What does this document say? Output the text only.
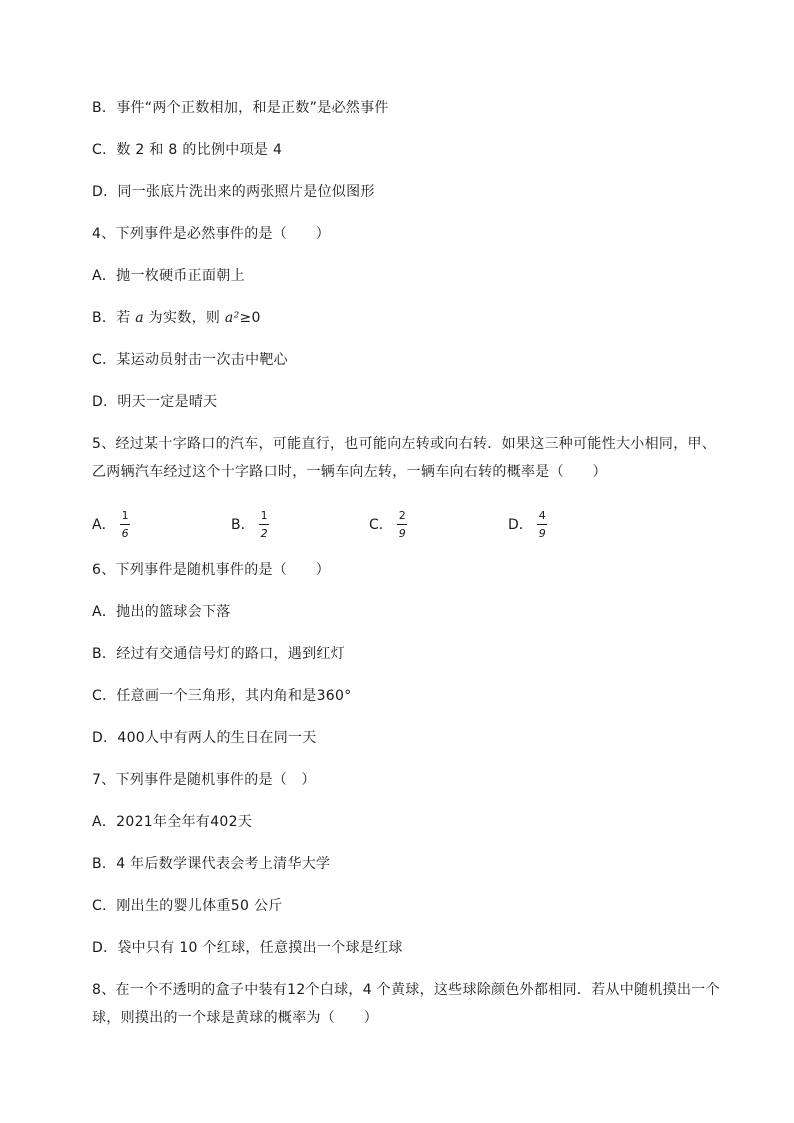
B．事件“两个正数相加，和是正数”是必然事件
C．数 2 和 8 的比例中项是 4
D．同一张底片洗出来的两张照片是位似图形
4、下列事件是必然事件的是（　　）
A．抛一枚硬币正面朝上
B．若 a 为实数，则 a²≥0
C．某运动员射击一次击中靶心
D．明天一定是晴天
5、经过某十字路口的汽车，可能直行，也可能向左转或向右转．如果这三种可能性大小相同，甲、
乙两辆汽车经过这个十字路口时，一辆车向左转，一辆车向右转的概率是（　　）
A． $\frac{1}{6}$	B． $\frac{1}{2}$	C． $\frac{2}{9}$	D． $\frac{4}{9}$
6、下列事件是随机事件的是（　　）
A．抛出的篮球会下落
B．经过有交通信号灯的路口，遇到红灯
C．任意画一个三角形，其内角和是360°
D．400人中有两人的生日在同一天
7、下列事件是随机事件的是（　）
A．2021年全年有402天
B．4 年后数学课代表会考上清华大学
C．刚出生的婴儿体重50 公斤
D．袋中只有 10 个红球，任意摸出一个球是红球
8、在一个不透明的盒子中装有12个白球，4 个黄球，这些球除颜色外都相同．若从中随机摸出一个
球，则摸出的一个球是黄球的概率为（　　）
